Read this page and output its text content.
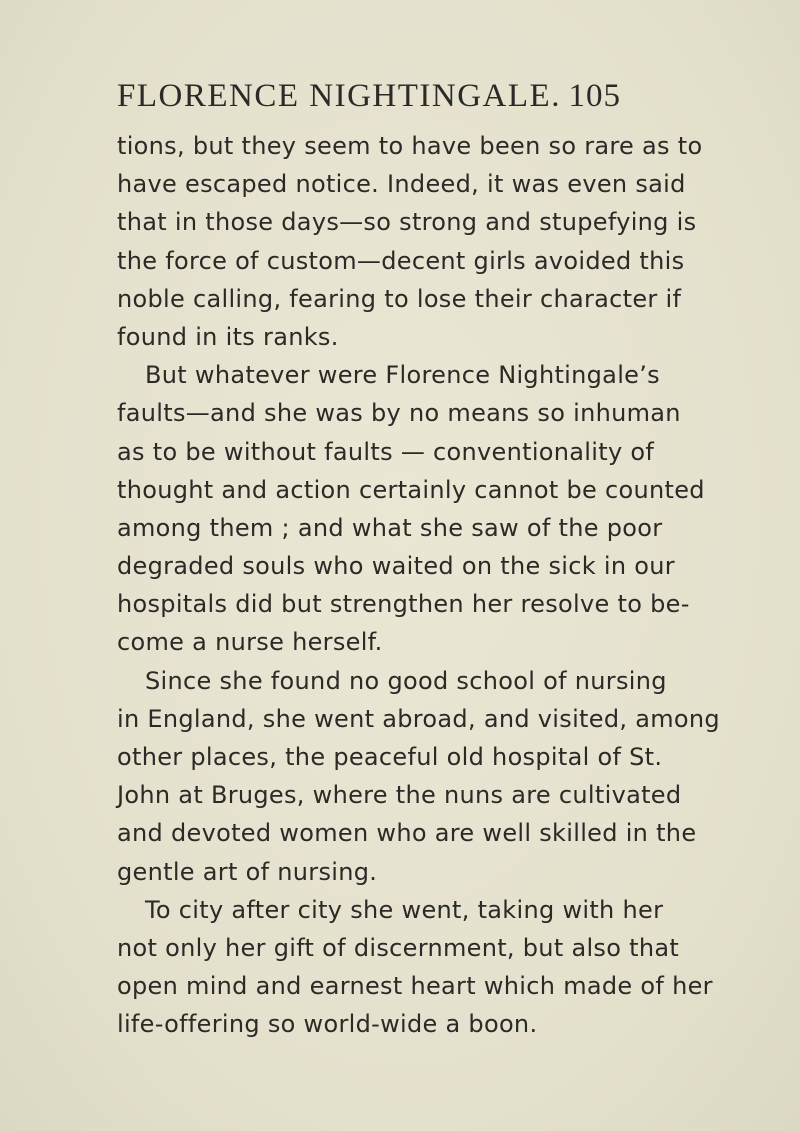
FLORENCE NIGHTINGALE. 105
tions, but they seem to have been so rare as to
have escaped notice. Indeed, it was even said
that in those days—so strong and stupefying is
the force of custom—decent girls avoided this
noble calling, fearing to lose their character if
found in its ranks.
But whatever were Florence Nightingale’s
faults—and she was by no means so inhuman
as to be without faults — conventionality of
thought and action certainly cannot be counted
among them ; and what she saw of the poor
degraded souls who waited on the sick in our
hospitals did but strengthen her resolve to be-
come a nurse herself.
Since she found no good school of nursing
in England, she went abroad, and visited, among
other places, the peaceful old hospital of St.
John at Bruges, where the nuns are cultivated
and devoted women who are well skilled in the
gentle art of nursing.
To city after city she went, taking with her
not only her gift of discernment, but also that
open mind and earnest heart which made of her
life-offering so world-wide a boon.
